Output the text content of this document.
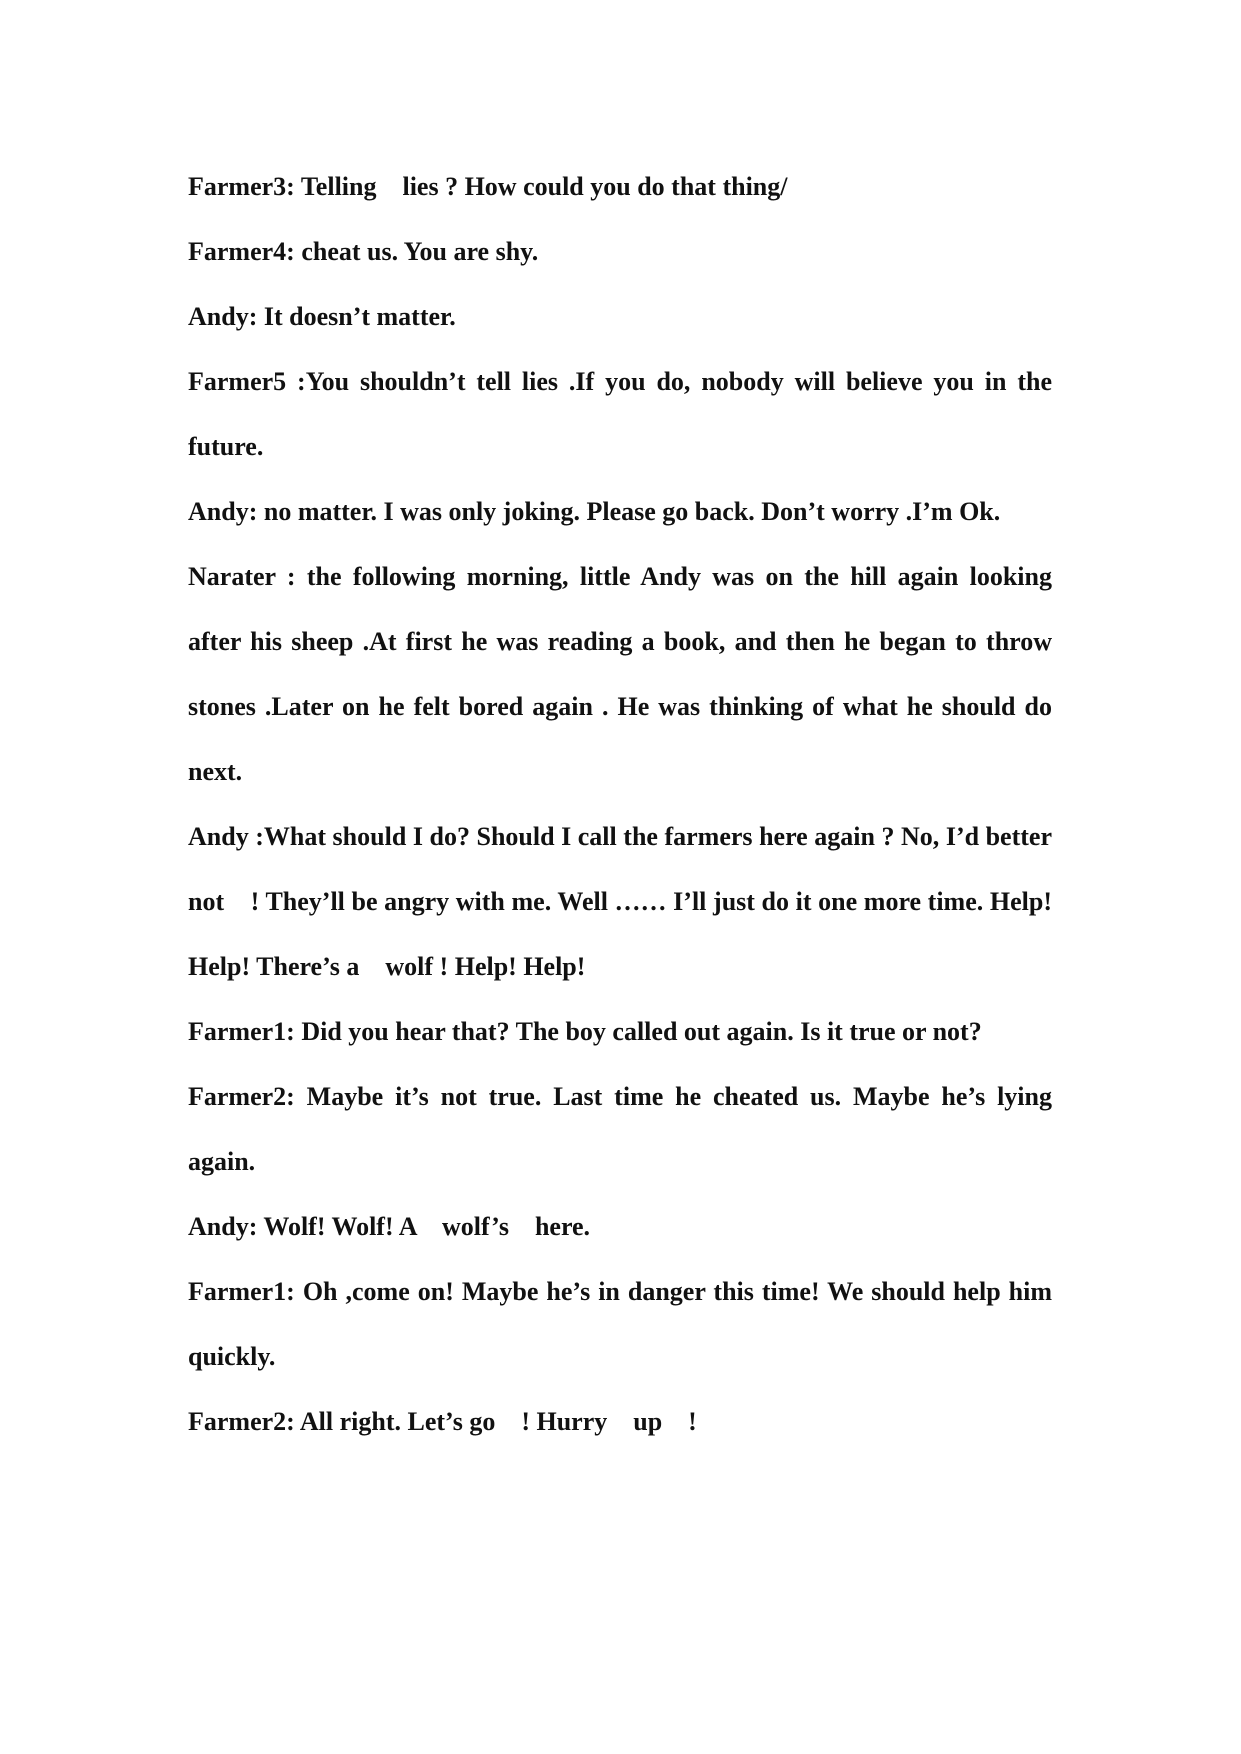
Farmer3: Telling    lies ? How could you do that thing/

Farmer4: cheat us. You are shy.

Andy: It doesn’t matter.

Farmer5 :You shouldn’t tell lies .If you do, nobody will believe you in the future.

Andy: no matter. I was only joking. Please go back. Don’t worry .I’m Ok.

Narater : the following morning, little Andy was on the hill again looking after his sheep .At first he was reading a book, and then he began to throw stones .Later on he felt bored again . He was thinking of what he should do next.

Andy :What should I do? Should I call the farmers here again ? No, I’d better not    ! They’ll be angry with me. Well …… I’ll just do it one more time. Help! Help! There’s a    wolf ! Help! Help!

Farmer1: Did you hear that? The boy called out again. Is it true or not?

Farmer2: Maybe it’s not true. Last time he cheated us. Maybe he’s lying again.

Andy: Wolf! Wolf! A    wolf’s    here.

Farmer1: Oh ,come on! Maybe he’s in danger this time! We should help him quickly.

Farmer2: All right. Let’s go    ! Hurry    up    !
